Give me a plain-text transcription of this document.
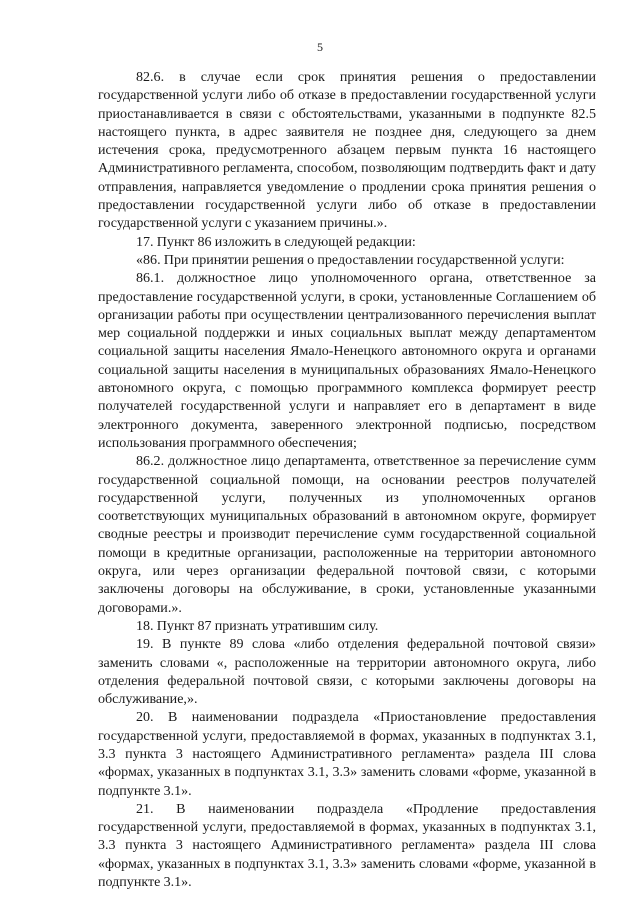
5

82.6. в случае если срок принятия решения о предоставлении государственной услуги либо об отказе в предоставлении государственной услуги приостанавливается в связи с обстоятельствами, указанными в подпункте 82.5 настоящего пункта, в адрес заявителя не позднее дня, следующего за днем истечения срока, предусмотренного абзацем первым пункта 16 настоящего Административного регламента, способом, позволяющим подтвердить факт и дату отправления, направляется уведомление о продлении срока принятия решения о предоставлении государственной услуги либо об отказе в предоставлении государственной услуги с указанием причины.».

17. Пункт 86 изложить в следующей редакции:

«86. При принятии решения о предоставлении государственной услуги:

86.1. должностное лицо уполномоченного органа, ответственное за предоставление государственной услуги, в сроки, установленные Соглашением об организации работы при осуществлении централизованного перечисления выплат мер социальной поддержки и иных социальных выплат между департаментом социальной защиты населения Ямало-Ненецкого автономного округа и органами социальной защиты населения в муниципальных образованиях Ямало-Ненецкого автономного округа, с помощью программного комплекса формирует реестр получателей государственной услуги и направляет его в департамент в виде электронного документа, заверенного электронной подписью, посредством использования программного обеспечения;

86.2. должностное лицо департамента, ответственное за перечисление сумм государственной социальной помощи, на основании реестров получателей государственной услуги, полученных из уполномоченных органов соответствующих муниципальных образований в автономном округе, формирует сводные реестры и производит перечисление сумм государственной социальной помощи в кредитные организации, расположенные на территории автономного округа, или через организации федеральной почтовой связи, с которыми заключены договоры на обслуживание, в сроки, установленные указанными договорами.».

18. Пункт 87 признать утратившим силу.

19. В пункте 89 слова «либо отделения федеральной почтовой связи» заменить словами «, расположенные на территории автономного округа, либо отделения федеральной почтовой связи, с которыми заключены договоры на обслуживание,».

20. В наименовании подраздела «Приостановление предоставления государственной услуги, предоставляемой в формах, указанных в подпунктах 3.1, 3.3 пункта 3 настоящего Административного регламента» раздела III слова «формах, указанных в подпунктах 3.1, 3.3» заменить словами «форме, указанной в подпункте 3.1».

21. В наименовании подраздела «Продление предоставления государственной услуги, предоставляемой в формах, указанных в подпунктах 3.1, 3.3 пункта 3 настоящего Административного регламента» раздела III слова «формах, указанных в подпунктах 3.1, 3.3» заменить словами «форме, указанной в подпункте 3.1».
